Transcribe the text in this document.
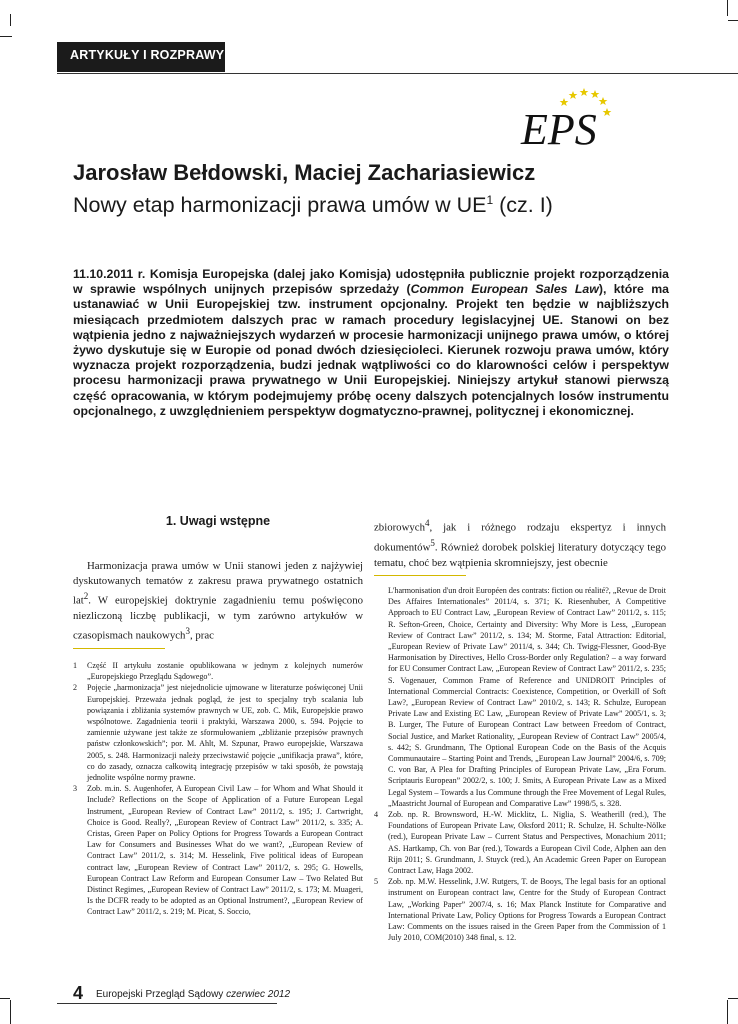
ARTYKUŁY I ROZPRAWY
EPS
Jarosław Bełdowski, Maciej Zachariasiewicz
Nowy etap harmonizacji prawa umów w $UE^1$ (cz. I)
11.10.2011 r. Komisja Europejska (dalej jako Komisja) udostępniła publicznie projekt rozporządzenia w sprawie wspólnych unijnych przepisów sprzedaży (Common European Sales Law), które ma ustanawiać w Unii Europejskiej tzw. instrument opcjonalny. Projekt ten będzie w najbliższych miesiącach przedmiotem dalszych prac w ramach procedury legislacyjnej UE. Stanowi on bez wątpienia jedno z najważniejszych wydarzeń w procesie harmonizacji unijnego prawa umów, o której żywo dyskutuje się w Europie od ponad dwóch dziesięcioleci. Kierunek rozwoju prawa umów, który wyznacza projekt rozporządzenia, budzi jednak wątpliwości co do klarowności celów i perspektyw procesu harmonizacji prawa prywatnego w Unii Europejskiej. Niniejszy artykuł stanowi pierwszą część opracowania, w którym podejmujemy próbę oceny dalszych potencjalnych losów instrumentu opcjonalnego, z uwzględnieniem perspektyw dogmatyczno-prawnej, politycznej i ekonomicznej.
1. Uwagi wstępne
Harmonizacja prawa umów w Unii stanowi jeden z najżywiej dyskutowanych tematów z zakresu prawa prywatnego ostatnich lat$^2$. W europejskiej doktrynie zagadnieniu temu poświęcono niezliczoną liczbę publikacji, w tym zarówno artykułów w czasopismach naukowych$^3$, prac
zbiorowych$^4$, jak i różnego rodzaju ekspertyz i innych dokumentów$^5$. Również dorobek polskiej literatury dotyczący tego tematu, choć bez wątpienia skromniejszy, jest obecnie
1 Część II artykułu zostanie opublikowana w jednym z kolejnych numerów „Europejskiego Przeglądu Sądowego”.
2 Pojęcie „harmonizacja” jest niejednolicie ujmowane w literaturze poświęconej Unii Europejskiej. Przeważa jednak pogląd, że jest to specjalny tryb scalania lub powiązania i zbliżania systemów prawnych w UE, zob. C. Mik, Europejskie prawo wspólnotowe. Zagadnienia teorii i praktyki, Warszawa 2000, s. 594. Pojęcie to zamiennie używane jest także ze sformułowaniem „zbliżanie przepisów prawnych państw członkowskich”; por. M. Ahlt, M. Szpunar, Prawo europejskie, Warszawa 2005, s. 248. Harmonizacji należy przeciwstawić pojęcie „unifikacja prawa”, które, co do zasady, oznacza całkowitą integrację przepisów w taki sposób, że powstają jednolite wspólne normy prawne.
3 Zob. m.in. S. Augenhofer, A European Civil Law – for Whom and What Should it Include? Reflections on the Scope of Application of a Future European Legal Instrument, „European Review of Contract Law” 2011/2, s. 195; J. Cartwright, Choice is Good. Really?, „European Review of Contract Law” 2011/2, s. 335; A. Cristas, Green Paper on Policy Options for Progress Towards a European Contract Law for Consumers and Businesses What do we want?, „European Review of Contract Law” 2011/2, s. 314; M. Hesselink, Five political ideas of European contract law, „European Review of Contract Law” 2011/2, s. 295; G. Howells, European Contract Law Reform and European Consumer Law – Two Related But Distinct Regimes, „European Review of Contract Law” 2011/2, s. 173; M. Muageri, Is the DCFR ready to be adopted as an Optional Instrument?, „European Review of Contract Law” 2011/2, s. 219; M. Picat, S. Soccio,
L'harmonisation d'un droit Européen des contrats: fiction ou réalité?, „Revue de Droit Des Affaires Internationales” 2011/4, s. 371; K. Riesenhuber, A Competitive Approach to EU Contract Law, „European Review of Contract Law” 2011/2, s. 115; R. Sefton-Green, Choice, Certainty and Diversity: Why More is Less, „European Review of Contract Law” 2011/2, s. 134; M. Storme, Fatal Attraction: Editorial, „European Review of Private Law” 2011/4, s. 344; Ch. Twigg-Flessner, Good-Bye Harmonisation by Directives, Hello Cross-Border only Regulation? – a way forward for EU Consumer Contract Law, „European Review of Contract Law” 2011/2, s. 235; S. Vogenauer, Common Frame of Reference and UNIDROIT Principles of International Commercial Contracts: Coexistence, Competition, or Overkill of Soft Law?, „European Review of Contract Law” 2010/2, s. 143; R. Schulze, European Private Law and Existing EC Law, „European Review of Private Law” 2005/1, s. 3; B. Lurger, The Future of European Contract Law between Freedom of Contract, Social Justice, and Market Rationality, „European Review of Contract Law” 2005/4, s. 442; S. Grundmann, The Optional European Code on the Basis of the Acquis Communautaire – Starting Point and Trends, „European Law Journal” 2004/6, s. 709; C. von Bar, A Plea for Drafting Principles of European Private Law, „Era Forum. Scriptauris European” 2002/2, s. 100; J. Smits, A European Private Law as a Mixed Legal System – Towards a Ius Commune through the Free Movement of Legal Rules, „Maastricht Journal of European and Comparative Law” 1998/5, s. 328.
4 Zob. np. R. Brownsword, H.-W. Micklitz, L. Niglia, S. Weatherill (red.), The Foundations of European Private Law, Oksford 2011; R. Schulze, H. Schulte-Nölke (red.), European Private Law – Current Status and Perspectives, Monachium 2011; AS. Hartkamp, Ch. von Bar (red.), Towards a European Civil Code, Alphen aan den Rijn 2011; S. Grundmann, J. Stuyck (red.), An Academic Green Paper on European Contract Law, Haga 2002.
5 Zob. np. M.W. Hesselink, J.W. Rutgers, T. de Booys, The legal basis for an optional instrument on European contract law, Centre for the Study of European Contract Law, „Working Paper” 2007/4, s. 16; Max Planck Institute for Comparative and International Private Law, Policy Options for Progress Towards a European Contract Law: Comments on the issues raised in the Green Paper from the Commission of 1 July 2010, COM(2010) 348 final, s. 12.
4 Europejski Przegląd Sądowy czerwiec 2012
